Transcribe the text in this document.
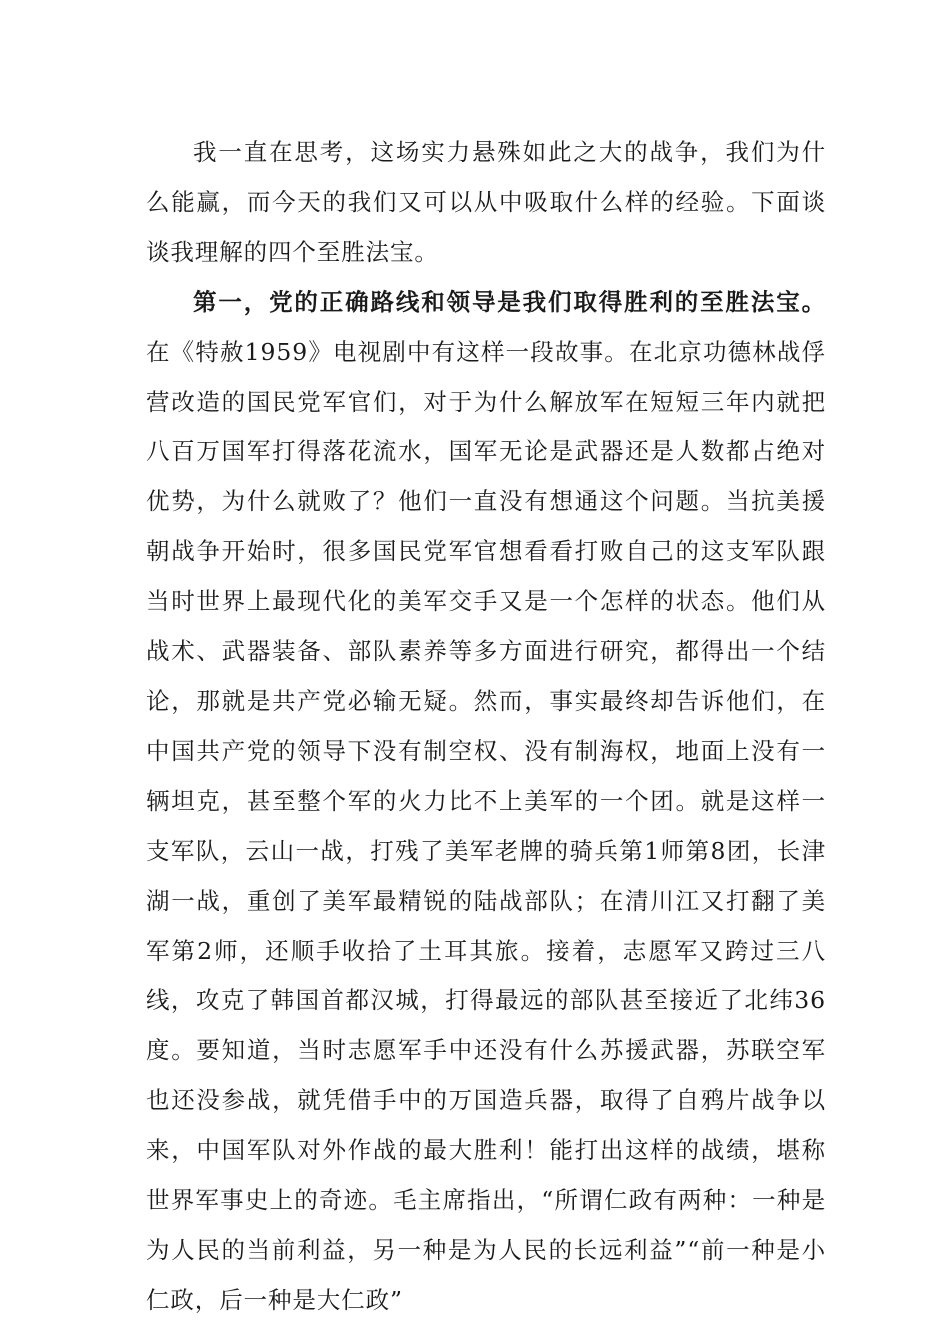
我一直在思考，这场实力悬殊如此之大的战争，我们为什么能赢，而今天的我们又可以从中吸取什么样的经验。下面谈谈我理解的四个至胜法宝。

第一，党的正确路线和领导是我们取得胜利的至胜法宝。在《特赦1959》电视剧中有这样一段故事。在北京功德林战俘营改造的国民党军官们，对于为什么解放军在短短三年内就把八百万国军打得落花流水，国军无论是武器还是人数都占绝对优势，为什么就败了？他们一直没有想通这个问题。当抗美援朝战争开始时，很多国民党军官想看看打败自己的这支军队跟当时世界上最现代化的美军交手又是一个怎样的状态。他们从战术、武器装备、部队素养等多方面进行研究，都得出一个结论，那就是共产党必输无疑。然而，事实最终却告诉他们，在中国共产党的领导下没有制空权、没有制海权，地面上没有一辆坦克，甚至整个军的火力比不上美军的一个团。就是这样一支军队，云山一战，打残了美军老牌的骑兵第1师第8团，长津湖一战，重创了美军最精锐的陆战部队；在清川江又打翻了美军第2师，还顺手收拾了土耳其旅。接着，志愿军又跨过三八线，攻克了韩国首都汉城，打得最远的部队甚至接近了北纬36度。要知道，当时志愿军手中还没有什么苏援武器，苏联空军也还没参战，就凭借手中的万国造兵器，取得了自鸦片战争以来，中国军队对外作战的最大胜利！能打出这样的战绩，堪称世界军事史上的奇迹。毛主席指出，“所谓仁政有两种：一种是为人民的当前利益，另一种是为人民的长远利益”“前一种是小仁政，后一种是大仁政”
